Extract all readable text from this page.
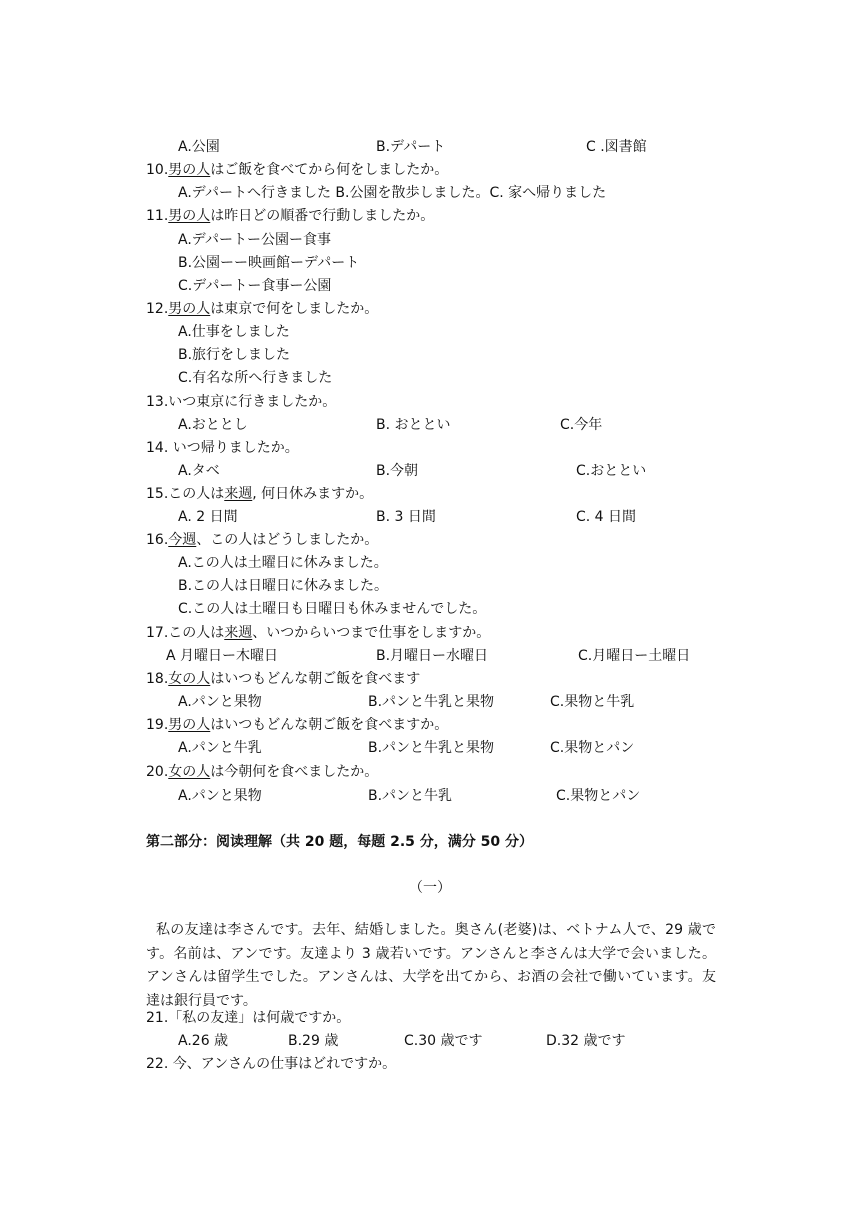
A.公園	B.デパート	C .図書館
10.男の人はご飯を食べてから何をしましたか。
A.デパートへ行きました B.公園を散歩しました。C. 家へ帰りました
11.男の人は昨日どの順番で行動しましたか。
A.デパートー公園ー食事
B.公園ーー映画館ーデパート
C.デパートー食事ー公園
12.男の人は東京で何をしましたか。
A.仕事をしました
B.旅行をしました
C.有名な所へ行きました
13.いつ東京に行きましたか。
A.おととし	B. おととい	C.今年
14. いつ帰りましたか。
A.タベ	B.今朝	C.おととい
15.この人は来週, 何日休みますか。
A. 2 日間	B. 3 日間	C. 4 日間
16.今週、この人はどうしましたか。
A.この人は土曜日に休みました。
B.この人は日曜日に休みました。
C.この人は土曜日も日曜日も休みませんでした。
17.この人は来週、いつからいつまで仕事をしますか。
A 月曜日ー木曜日	B.月曜日ー水曜日	C.月曜日ー土曜日
18.女の人はいつもどんな朝ご飯を食べます
A.パンと果物	B.パンと牛乳と果物	C.果物と牛乳
19.男の人はいつもどんな朝ご飯を食べますか。
A.パンと牛乳	B.パンと牛乳と果物	C.果物とパン
20.女の人は今朝何を食べましたか。
A.パンと果物	B.パンと牛乳	C.果物とパン
第二部分：阅读理解（共 20 题，每题 2.5 分，满分 50 分）
（一）
私の友達は李さんです。去年、結婚しました。奥さん(老婆)は、ベトナム人で、29 歳です。名前は、アンです。友達より 3 歳若いです。アンさんと李さんは大学で会いました。アンさんは留学生でした。アンさんは、大学を出てから、お酒の会社で働いています。友達は銀行員です。
21.「私の友達」は何歳ですか。
A.26 歳	B.29 歳	C.30 歳です	D.32 歳です
22. 今、アンさんの仕事はどれですか。
